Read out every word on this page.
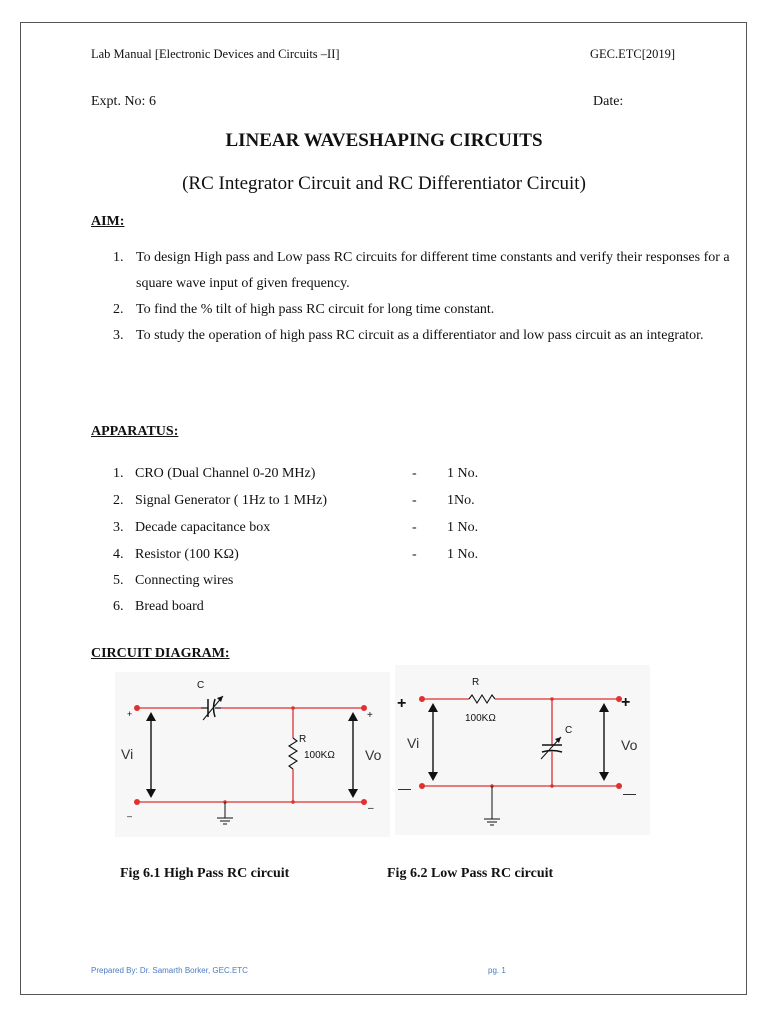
Lab Manual [Electronic Devices and Circuits –II]	GEC.ETC[2019]
Expt. No: 6	Date:
LINEAR WAVESHAPING CIRCUITS
(RC Integrator Circuit and RC Differentiator Circuit)
AIM:
1. To design High pass and Low pass RC circuits for different time constants and verify their responses for a square wave input of given frequency.
2. To find the % tilt of high pass RC circuit for long time constant.
3. To study the operation of high pass RC circuit as a differentiator and low pass circuit as an integrator.
APPARATUS:
1. CRO (Dual Channel 0-20 MHz)	- 1 No.
2. Signal Generator ( 1Hz to 1 MHz)	- 1No.
3. Decade capacitance box	- 1 No.
4. Resistor (100 KΩ)	- 1 No.
5. Connecting wires
6. Bread board
CIRCUIT DIAGRAM:
C
R
100KΩ
Vi	Vo
+
–
+
–
R
100KΩ
C
Vi	Vo
+
—
+
—
Fig 6.1 High Pass RC circuit	Fig 6.2 Low Pass RC circuit
Prepared By: Dr. Samarth Borker, GEC.ETC	pg. 1
